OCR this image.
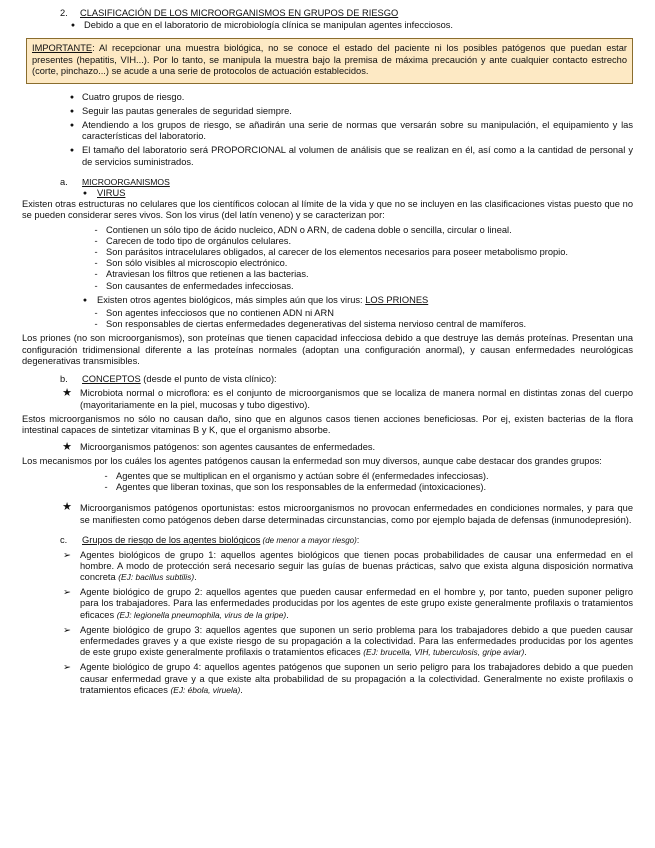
2.	CLASIFICACIÓN DE LOS MICROORGANISMOS EN GRUPOS DE RIESGO
● Debido a que en el laboratorio de microbiología clínica se manipulan agentes infecciosos.
IMPORTANTE: Al recepcionar una muestra biológica, no se conoce el estado del paciente ni los posibles patógenos que puedan estar presentes (hepatitis, VIH...). Por lo tanto, se manipula la muestra bajo la premisa de máxima precaución y ante cualquier contacto estrecho (corte, pinchazo...) se acude a una serie de protocolos de actuación establecidos.
● Cuatro grupos de riesgo.
● Seguir las pautas generales de seguridad siempre.
● Atendiendo a los grupos de riesgo, se añadirán una serie de normas que versarán sobre su manipulación, el equipamiento y las características del laboratorio.
● El tamaño del laboratorio será PROPORCIONAL al volumen de análisis que se realizan en él, así como a la cantidad de personal y de servicios suministrados.
a.	MICROORGANISMOS
●	VIRUS

Existen otras estructuras no celulares que los científicos colocan al límite de la vida y que no se incluyen en las clasificaciones vistas puesto que no se pueden considerar seres vivos. Son los virus (del latín veneno) y se caracterizan por:

- Contienen un sólo tipo de ácido nucleico, ADN o ARN, de cadena doble o sencilla, circular o lineal.
- Carecen de todo tipo de orgánulos celulares.
- Son parásitos intracelulares obligados, al carecer de los elementos necesarios para poseer metabolismo propio.
- Son sólo visibles al microscopio electrónico.
- Atraviesan los filtros que retienen a las bacterias.
- Son causantes de enfermedades infecciosas.
●	Existen otros agentes biológicos, más simples aún que los virus: LOS PRIONES
- Son agentes infecciosos que no contienen ADN ni ARN
- Son responsables de ciertas enfermedades degenerativas del sistema nervioso central de mamíferos.

Los priones (no son microorganismos), son proteínas que tienen capacidad infecciosa debido a que destruye las demás proteínas. Presentan una configuración tridimensional diferente a las proteínas normales (adoptan una configuración anormal), y causan enfermedades neurológicas degenerativas transmisibles.

b.	CONCEPTOS (desde el punto de vista clínico):
★ Microbiota normal o microflora: es el conjunto de microorganismos que se localiza de manera normal en distintas zonas del cuerpo (mayoritariamente en la piel, mucosas y tubo digestivo).

Estos microorganismos no sólo no causan daño, sino que en algunos casos tienen acciones beneficiosas. Por ej, existen bacterias de la flora intestinal capaces de sintetizar vitaminas B y K, que el organismo absorbe.

★ Microorganismos patógenos: son agentes causantes de enfermedades.

Los mecanismos por los cuáles los agentes patógenos causan la enfermedad son muy diversos, aunque cabe destacar dos grandes grupos:

- Agentes que se multiplican en el organismo y actúan sobre él (enfermedades infecciosas).
- Agentes que liberan toxinas, que son los responsables de la enfermedad (intoxicaciones).
★ Microorganismos patógenos oportunistas: estos microorganismos no provocan enfermedades en condiciones normales, y para que se manifiesten como patógenos deben darse determinadas circunstancias, como por ejemplo bajada de defensas (inmunodepresión).
c.	Grupos de riesgo de los agentes biológicos (de menor a mayor riesgo):
➢ Agentes biológicos de grupo 1: aquellos agentes biológicos que tienen pocas probabilidades de causar una enfermedad en el hombre. A modo de protección será necesario seguir las guías de buenas prácticas, salvo que exista alguna disposición normativa concreta (EJ: bacillus subtilis).
➢ Agente biológico de grupo 2: aquellos agentes que pueden causar enfermedad en el hombre y, por tanto, pueden suponer peligro para los trabajadores. Para las enfermedades producidas por los agentes de este grupo existe generalmente profilaxis o tratamientos eficaces (EJ: legionella pneumophila, virus de la gripe).
➢ Agente biológico de grupo 3: aquellos agentes que suponen un serio problema para los trabajadores debido a que pueden causar enfermedades graves y a que existe riesgo de su propagación a la colectividad. Para las enfermedades producidas por los agentes de este grupo existe generalmente profilaxis o tratamientos eficaces (EJ: brucella, VIH, tuberculosis, gripe aviar).
➢ Agente biológico de grupo 4: aquellos agentes patógenos que suponen un serio peligro para los trabajadores debido a que pueden causar enfermedad grave y a que existe alta probabilidad de su propagación a la colectividad. Generalmente no existe profilaxis o tratamientos eficaces (EJ: ébola, viruela).
